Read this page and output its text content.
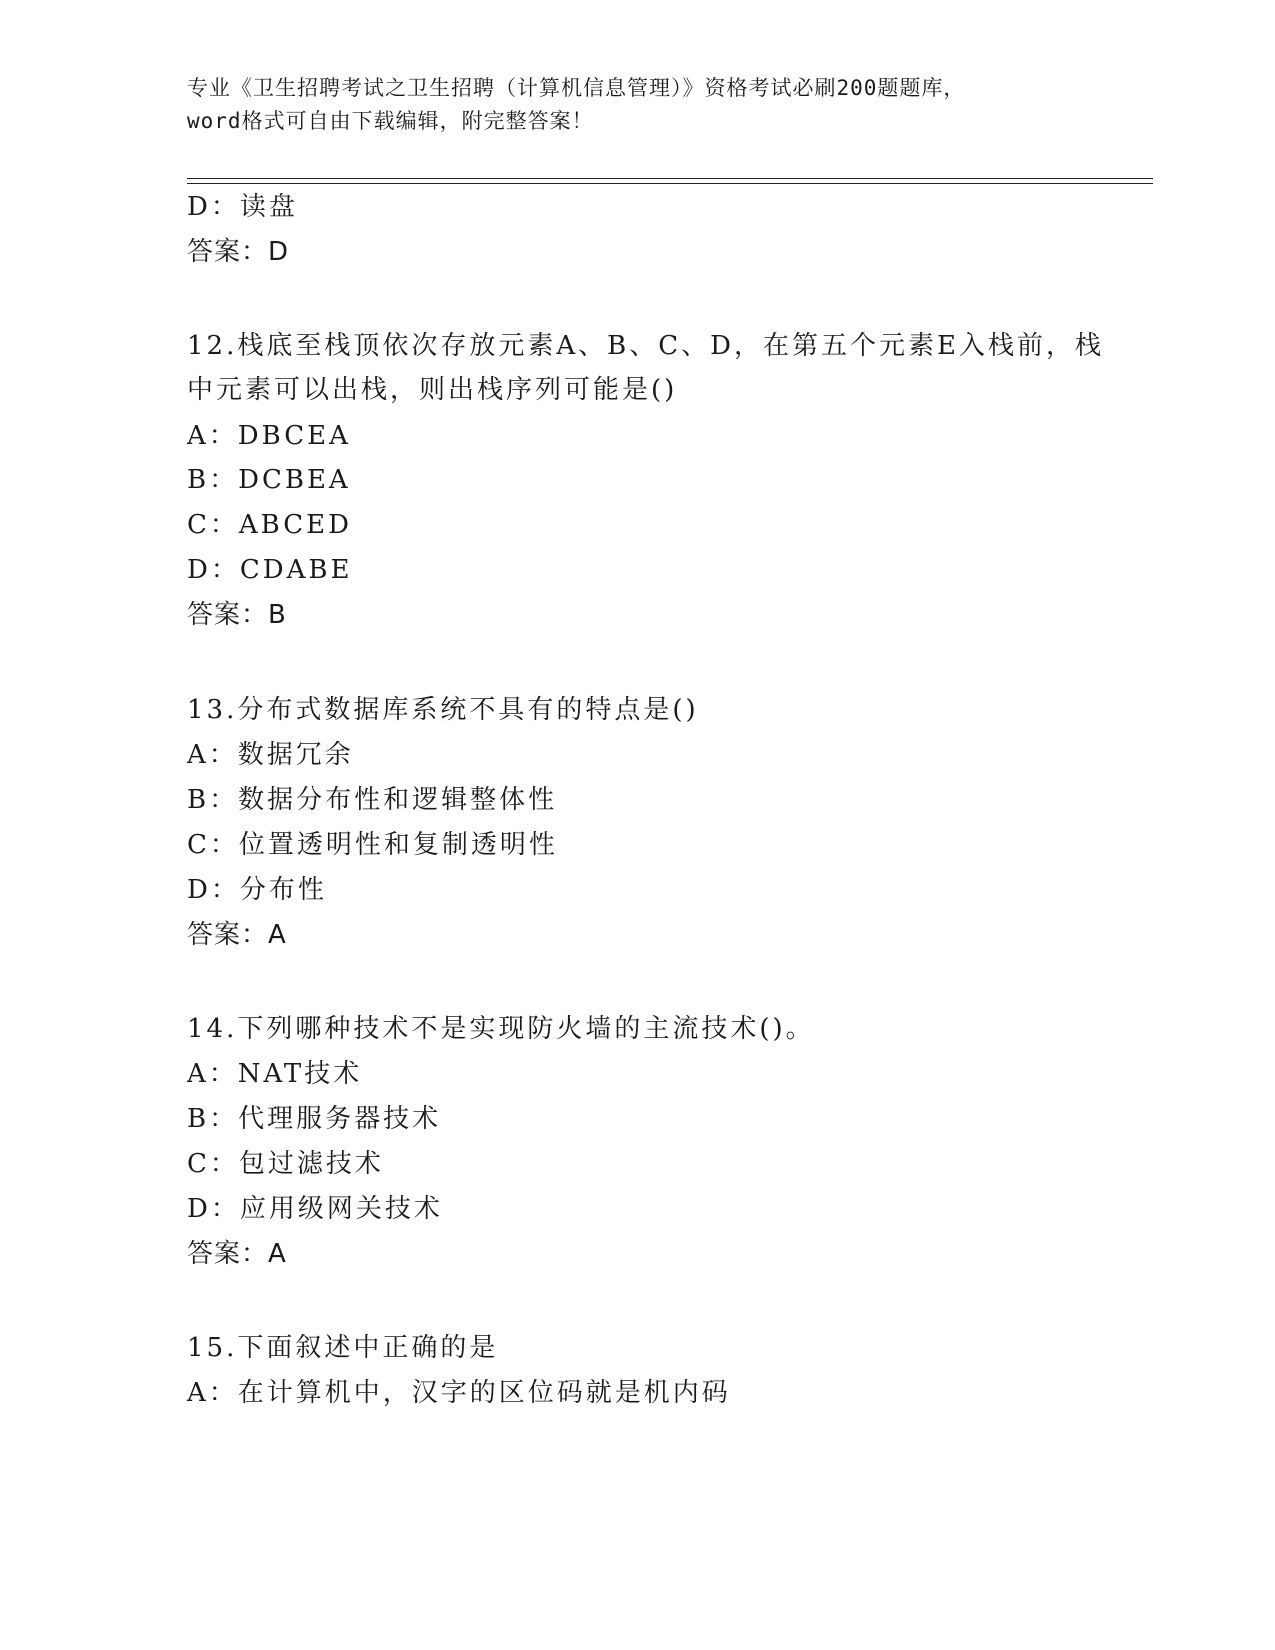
专业《卫生招聘考试之卫生招聘（计算机信息管理）》资格考试必刷200题题库，
word格式可自由下载编辑，附完整答案！
D：读盘
答案：D
12.栈底至栈顶依次存放元素A、B、C、D，在第五个元素E入栈前，栈
中元素可以出栈，则出栈序列可能是()
A：DBCEA
B：DCBEA
C：ABCED
D：CDABE
答案：B
13.分布式数据库系统不具有的特点是()
A：数据冗余
B：数据分布性和逻辑整体性
C：位置透明性和复制透明性
D：分布性
答案：A
14.下列哪种技术不是实现防火墙的主流技术()。
A：NAT技术
B：代理服务器技术
C：包过滤技术
D：应用级网关技术
答案：A
15.下面叙述中正确的是
A：在计算机中，汉字的区位码就是机内码
